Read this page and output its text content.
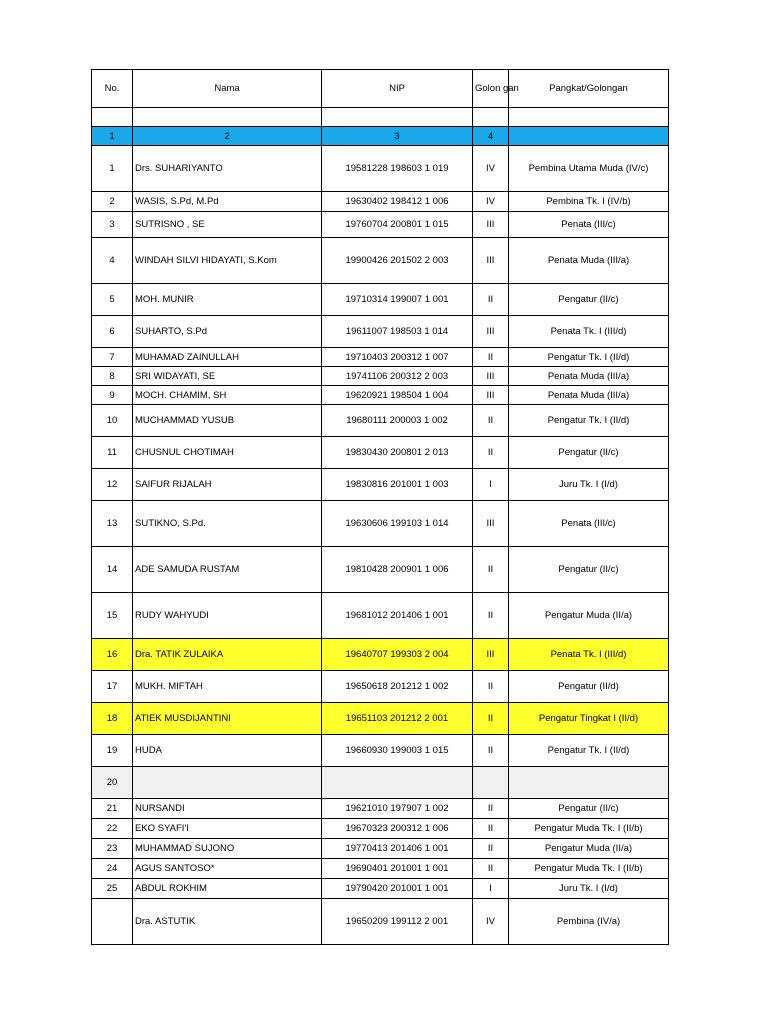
No.	Nama	NIP	Golon gan	Pangkat/Golongan

1	2	3	4	
1	Drs. SUHARIYANTO	19581228 198603 1 019	IV	Pembina Utama Muda (IV/c)
2	WASIS, S.Pd, M.Pd	19630402 198412 1 006	IV	Pembina Tk. I (IV/b)
3	SUTRISNO , SE	19760704 200801 1 015	III	Penata (III/c)
4	WINDAH SILVI HIDAYATI, S.Kom	19900426 201502 2 003	III	Penata Muda (III/a)
5	MOH. MUNIR	19710314 199007 1 001	II	Pengatur (II/c)
6	SUHARTO, S.Pd	19611007 198503 1 014	III	Penata Tk. I (III/d)
7	MUHAMAD ZAINULLAH	19710403 200312 1 007	II	Pengatur Tk. I (II/d)
8	SRI WIDAYATI, SE	19741106 200312 2 003	III	Penata Muda (III/a)
9	MOCH. CHAMIM, SH	19620921 198504 1 004	III	Penata Muda (III/a)
10	MUCHAMMAD YUSUB	19680111 200003 1 002	II	Pengatur Tk. I (II/d)
11	CHUSNUL CHOTIMAH	19830430 200801 2 013	II	Pengatur (II/c)
12	SAIFUR RIJALAH	19830816 201001 1 003	I	Juru Tk. I (I/d)
13	SUTIKNO, S.Pd.	19630606 199103 1 014	III	Penata (III/c)
14	ADE SAMUDA RUSTAM	19810428 200901 1 006	II	Pengatur (II/c)
15	RUDY WAHYUDI	19681012 201406 1 001	II	Pengatur Muda (II/a)
16	Dra. TATIK ZULAIKA	19640707 199303 2 004	III	Penata Tk. I (III/d)
17	MUKH. MIFTAH	19650618 201212 1 002	II	Pengatur (II/d)
18	ATIEK MUSDIJANTINI	19651103 201212 2 001	II	Pengatur Tingkat I (II/d)
19	HUDA	19660930 199003 1 015	II	Pengatur Tk. I (II/d)
20				
21	NURSANDI	19621010 197907 1 002	II	Pengatur (II/c)
22	EKO SYAFI'I	19670323 200312 1 006	II	Pengatur Muda Tk. I (II/b)
23	MUHAMMAD SUJONO	19770413 201406 1 001	II	Pengatur Muda (II/a)
24	AGUS SANTOSO*	19690401 201001 1 001	II	Pengatur Muda Tk. I (II/b)
25	ABDUL ROKHIM	19790420 201001 1 001	I	Juru Tk. I (I/d)
	Dra. ASTUTIK	19650209 199112 2 001	IV	Pembina (IV/a)
